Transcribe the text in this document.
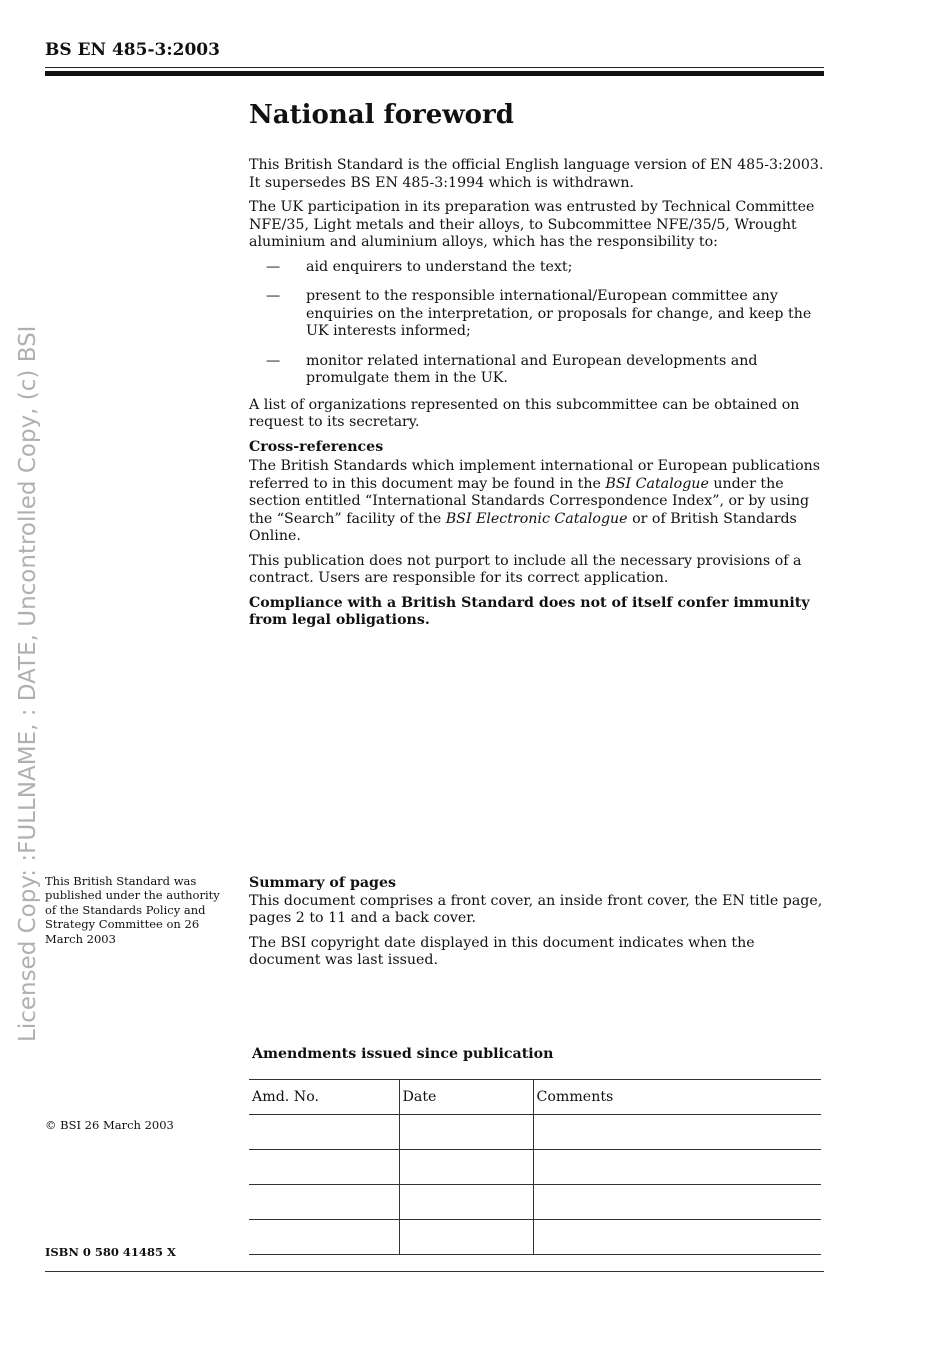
BS EN 485-3:2003
Licensed Copy: :FULLNAME, : DATE, Uncontrolled Copy, (c) BSI
National foreword

This British Standard is the official English language version of EN 485-3:2003. It supersedes BS EN 485-3:1994 which is withdrawn.

The UK participation in its preparation was entrusted by Technical Committee NFE/35, Light metals and their alloys, to Subcommittee NFE/35/5, Wrought aluminium and aluminium alloys, which has the responsibility to:

—	aid enquirers to understand the text;
—	present to the responsible international/European committee any enquiries on the interpretation, or proposals for change, and keep the UK interests informed;
—	monitor related international and European developments and promulgate them in the UK.

A list of organizations represented on this subcommittee can be obtained on request to its secretary.

Cross-references

The British Standards which implement international or European publications referred to in this document may be found in the BSI Catalogue under the section entitled “International Standards Correspondence Index”, or by using the “Search” facility of the BSI Electronic Catalogue or of British Standards Online.

This publication does not purport to include all the necessary provisions of a contract. Users are responsible for its correct application.

Compliance with a British Standard does not of itself confer immunity from legal obligations.

This British Standard was published under the authority of the Standards Policy and Strategy Committee on 26 March 2003
© BSI 26 March 2003
ISBN 0 580 41485 X

Summary of pages

This document comprises a front cover, an inside front cover, the EN title page, pages 2 to 11 and a back cover.

The BSI copyright date displayed in this document indicates when the document was last issued.

Amendments issued since publication
Amd. No.	Date	Comments
